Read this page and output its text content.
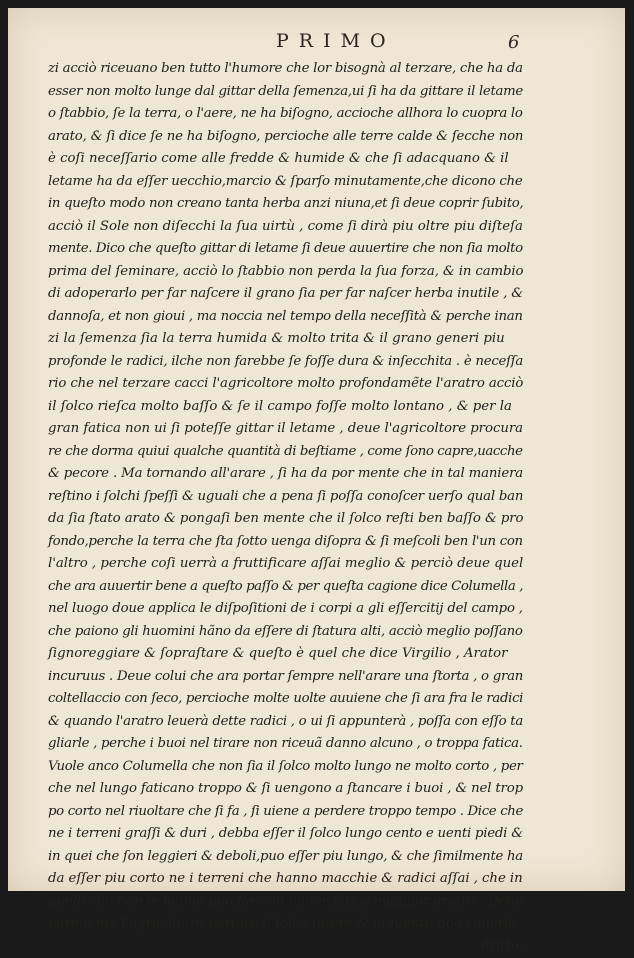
PRIMO	6
zi acciò riceuano ben tutto l'humore che lor bisognà al terzare, che ha da
esser non molto lunge dal gittar della ſemenza,ui ſi ha da gittare il letame
o ſtabbio, ſe la terra, o l'aere, ne ha biſogno, accioche allhora lo cuopra lo
arato, & ſi dice ſe ne ha biſogno, percioche alle terre calde & ſecche non
è coſi neceſſario come alle fredde & humide & che ſi adacquano & il
letame ha da eſſer uecchio,marcio & ſparſo minutamente,che dicono che
in queſto modo non creano tanta herba anzi niuna,et ſi deue coprir ſubito,
acciò il Sole non diſecchi la ſua uirtù , come ſi dirà piu oltre piu diſteſa
mente. Dico che queſto gittar di letame ſi deue auuertire che non ſia molto
prima del ſeminare, acciò lo ſtabbio non perda la ſua forza, & in cambio
di adoperarlo per far naſcere il grano ſia per far naſcer herba inutile , &
dannoſa, et non gioui , ma noccia nel tempo della neceſſità & perche inan
zi la ſemenza ſia la terra humida & molto trita & il grano generi piu
profonde le radici, ilche non farebbe ſe foſſe dura & inſecchita . è neceſſa
rio che nel terzare cacci l'agricoltore molto profondamẽte l'aratro acciò
il ſolco rieſca molto baſſo & ſe il campo foſſe molto lontano , & per la
gran fatica non ui ſi poteſſe gittar il letame , deue l'agricoltore procura
re che dorma quiui qualche quantità di beſtiame , come ſono capre,uacche
& pecore . Ma tornando all'arare , ſi ha da por mente che in tal maniera
reſtino i ſolchi ſpeſſi & uguali che a pena ſi poſſa conoſcer uerſo qual ban
da ſia ſtato arato & pongaſi ben mente che il ſolco reſti ben baſſo & pro
fondo,perche la terra che ſta ſotto uenga diſopra & ſi meſcoli ben l'un con
l'altro , perche coſi uerrà a fruttificare aſſai meglio & perciò deue quel
che ara auuertir bene a queſto paſſo & per queſta cagione dice Columella ,
nel luogo doue applica le diſpoſitioni de i corpi a gli eſſercitij del campo ,
che paiono gli huomini hãno da eſſere di ſtatura alti, acciò meglio poſſano
ſignoreggiare & ſopraſtare & queſto è quel che dice Virgilio , Arator
incuruus . Deue colui che ara portar ſempre nell'arare una ſtorta , o gran
coltellaccio con ſeco, percioche molte uolte auuiene che ſi ara fra le radici
& quando l'aratro leuerà dette radici , o ui ſi appunterà , poſſa con eſſo ta
gliarle , perche i buoi nel tirare non riceuã danno alcuno , o troppa fatica.
Vuole anco Columella che non ſia il ſolco molto lungo ne molto corto , per
che nel lungo faticano troppo & ſi uengono a ſtancare i buoi , & nel trop
po corto nel riuoltare che ſi fa , ſi uiene a perdere troppo tempo . Dice che
ne i terreni graſſi & duri , debba eſſer il ſolco lungo cento e uenti piedi &
in quei che ſon leggieri & deboli,puo eſſer piu lungo, & che ſimilmente ha
da eſſer piu corto ne i terreni che hanno macchie & radici aſſai , che in
quelli che non le hanno puo far con minor fatica maggior aratro . Deue
parimente l'agricoltore portare il ſolco intero & inquanto puo cauarlo
dritto,
